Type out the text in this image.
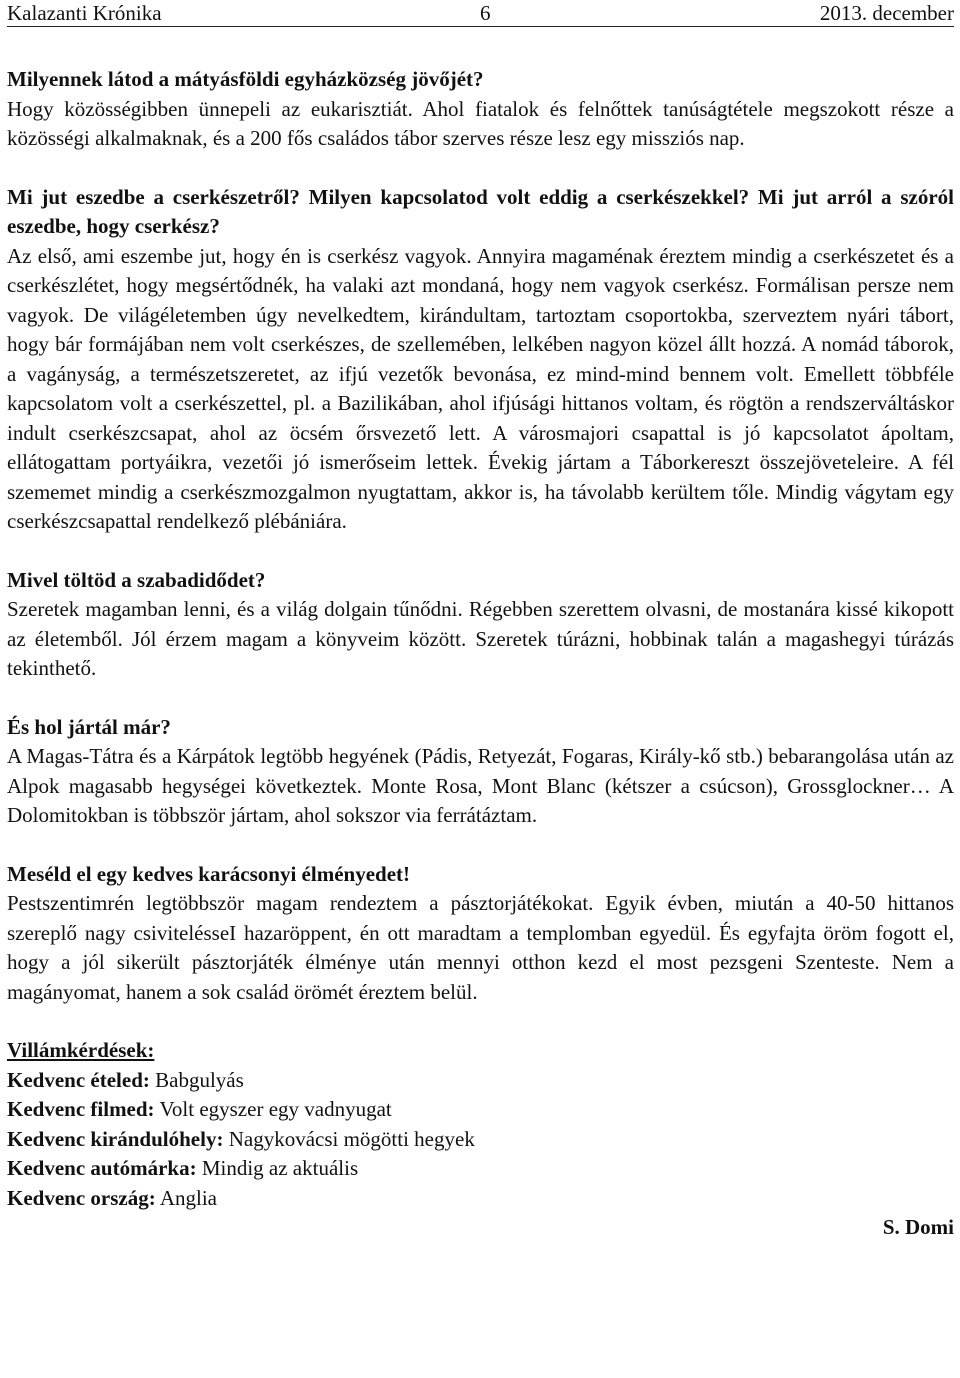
Kalazanti Krónika	6	2013. december
Milyennek látod a mátyásföldi egyházközség jövőjét?
Hogy közösségibben ünnepeli az eukarisztiát. Ahol fiatalok és felnőttek tanúságtétele megszokott része a közösségi alkalmaknak, és a 200 fős családos tábor szerves része lesz egy missziós nap.
Mi jut eszedbe a cserkészetről? Milyen kapcsolatod volt eddig a cserkészekkel? Mi jut arról a szóról eszedbe, hogy cserkész?
Az első, ami eszembe jut, hogy én is cserkész vagyok. Annyira magaménak éreztem mindig a cserkészetet és a cserkészlétet, hogy megsértődnék, ha valaki azt mondaná, hogy nem vagyok cserkész. Formálisan persze nem vagyok. De világéletemben úgy nevelkedtem, kirándultam, tartoztam csoportokba, szerveztem nyári tábort, hogy bár formájában nem volt cserkészes, de szellemében, lelkében nagyon közel állt hozzá. A nomád táborok, a vagányság, a természetszeretet, az ifjú vezetők bevonása, ez mind-mind bennem volt. Emellett többféle kapcsolatom volt a cserkészettel, pl. a Bazilikában, ahol ifjúsági hittanos voltam, és rögtön a rendszerváltáskor indult cserkészcsapat, ahol az öcsém őrsvezető lett. A városmajori csapattal is jó kapcsolatot ápoltam, ellátogattam portyáikra, vezetői jó ismerőseim lettek. Évekig jártam a Táborkereszt összejöveteleire. A fél szememet mindig a cserkészmozgalmon nyugtattam, akkor is, ha távolabb kerültem tőle. Mindig vágytam egy cserkészcsapattal rendelkező plébániára.
Mivel töltöd a szabadidődet?
Szeretek magamban lenni, és a világ dolgain tűnődni. Régebben szerettem olvasni, de mostanára kissé kikopott az életemből. Jól érzem magam a könyveim között. Szeretek túrázni, hobbinak talán a magashegyi túrázás tekinthető.
És hol jártál már?
A Magas-Tátra és a Kárpátok legtöbb hegyének (Pádis, Retyezát, Fogaras, Király-kő stb.) bebarangolása után az Alpok magasabb hegységei következtek. Monte Rosa, Mont Blanc (kétszer a csúcson), Grossglockner… A Dolomitokban is többször jártam, ahol sokszor via ferrátáztam.
Meséld el egy kedves karácsonyi élményedet!
Pestszentimrén legtöbbször magam rendeztem a pásztorjátékokat. Egyik évben, miután a 40-50 hittanos szereplő nagy csivitelésseI hazaröppent, én ott maradtam a templomban egyedül. És egyfajta öröm fogott el, hogy a jól sikerült pásztorjáték élménye után mennyi otthon kezd el most pezsgeni Szenteste. Nem a magányomat, hanem a sok család örömét éreztem belül.
Villámkérdések:
Kedvenc ételed: Babgulyás
Kedvenc filmed: Volt egyszer egy vadnyugat
Kedvenc kirándulóhely: Nagykovácsi mögötti hegyek
Kedvenc autómárka: Mindig az aktuális
Kedvenc ország: Anglia
S. Domi
